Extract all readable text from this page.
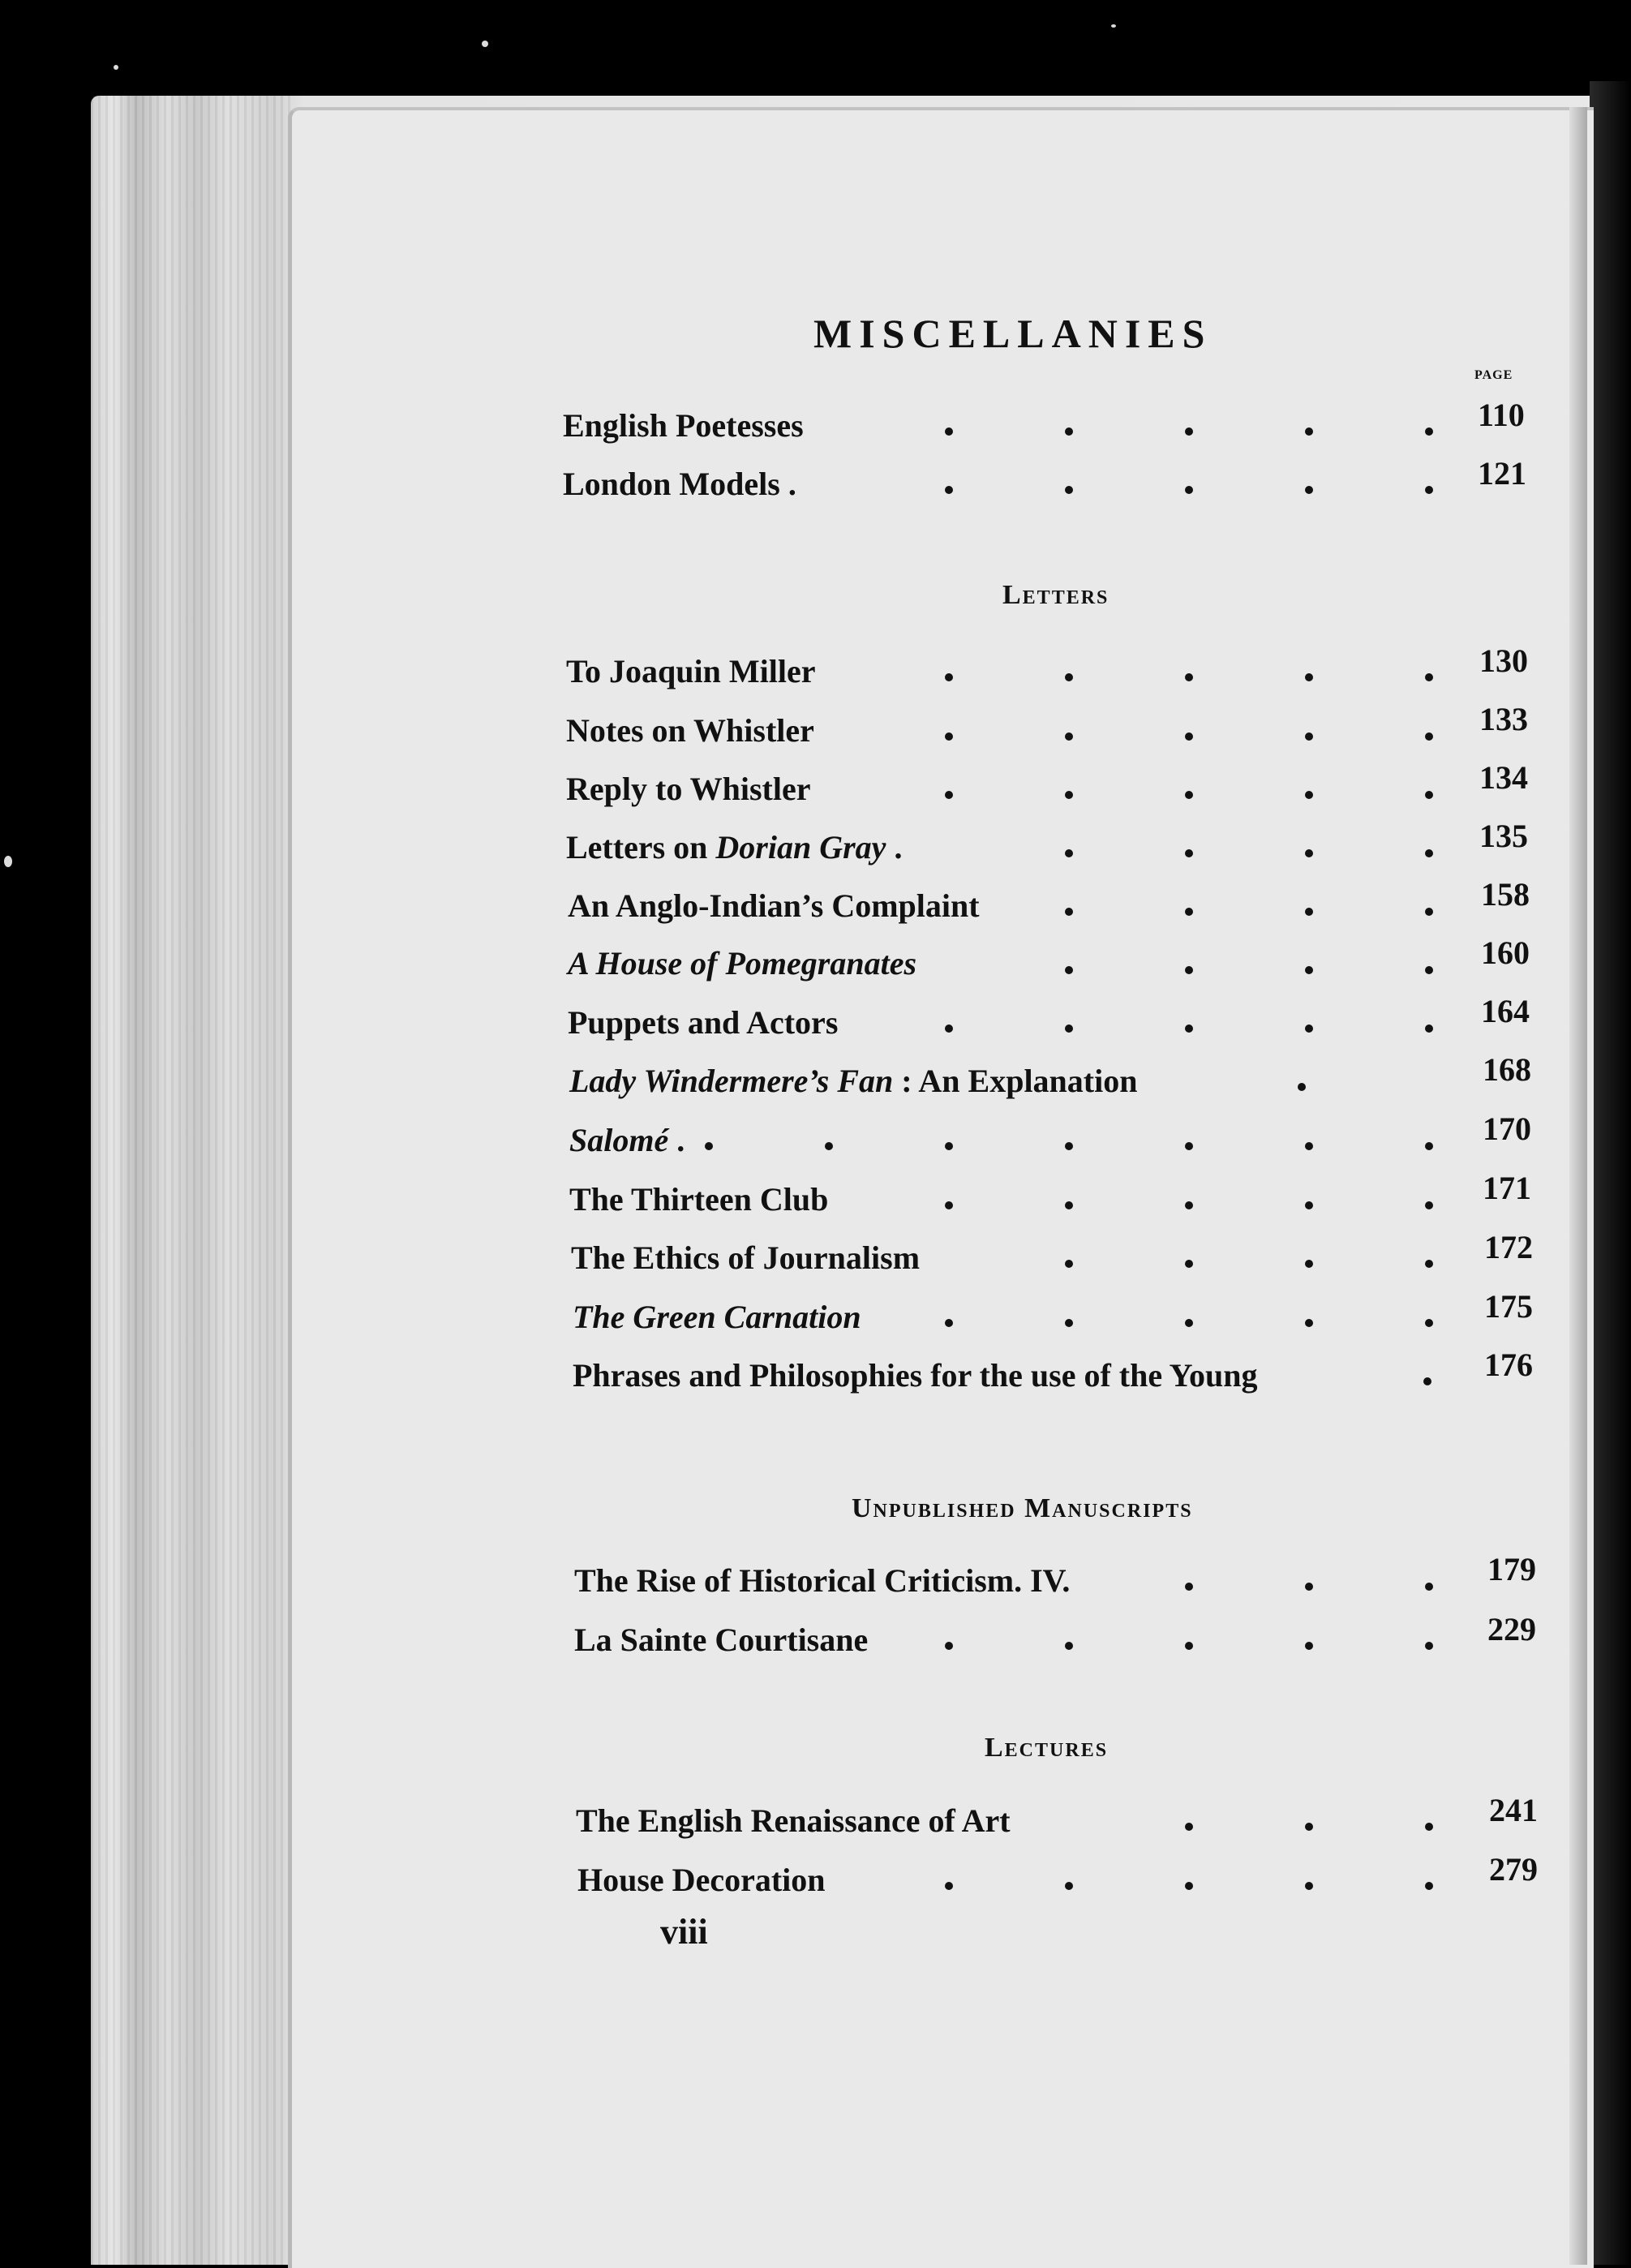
MISCELLANIES
PAGE
English Poetesses	110
London Models .	121
Letters
To Joaquin Miller	130
Notes on Whistler	133
Reply to Whistler	134
Letters on Dorian Gray .	135
An Anglo-Indian’s Complaint	158
A House of Pomegranates	160
Puppets and Actors	164
Lady Windermere’s Fan : An Explanation	168
Salomé .	170
The Thirteen Club	171
The Ethics of Journalism	172
The Green Carnation	175
Phrases and Philosophies for the use of the Young	176
Unpublished Manuscripts
The Rise of Historical Criticism. IV.	179
La Sainte Courtisane	229
Lectures
The English Renaissance of Art	241
House Decoration	279
viii
